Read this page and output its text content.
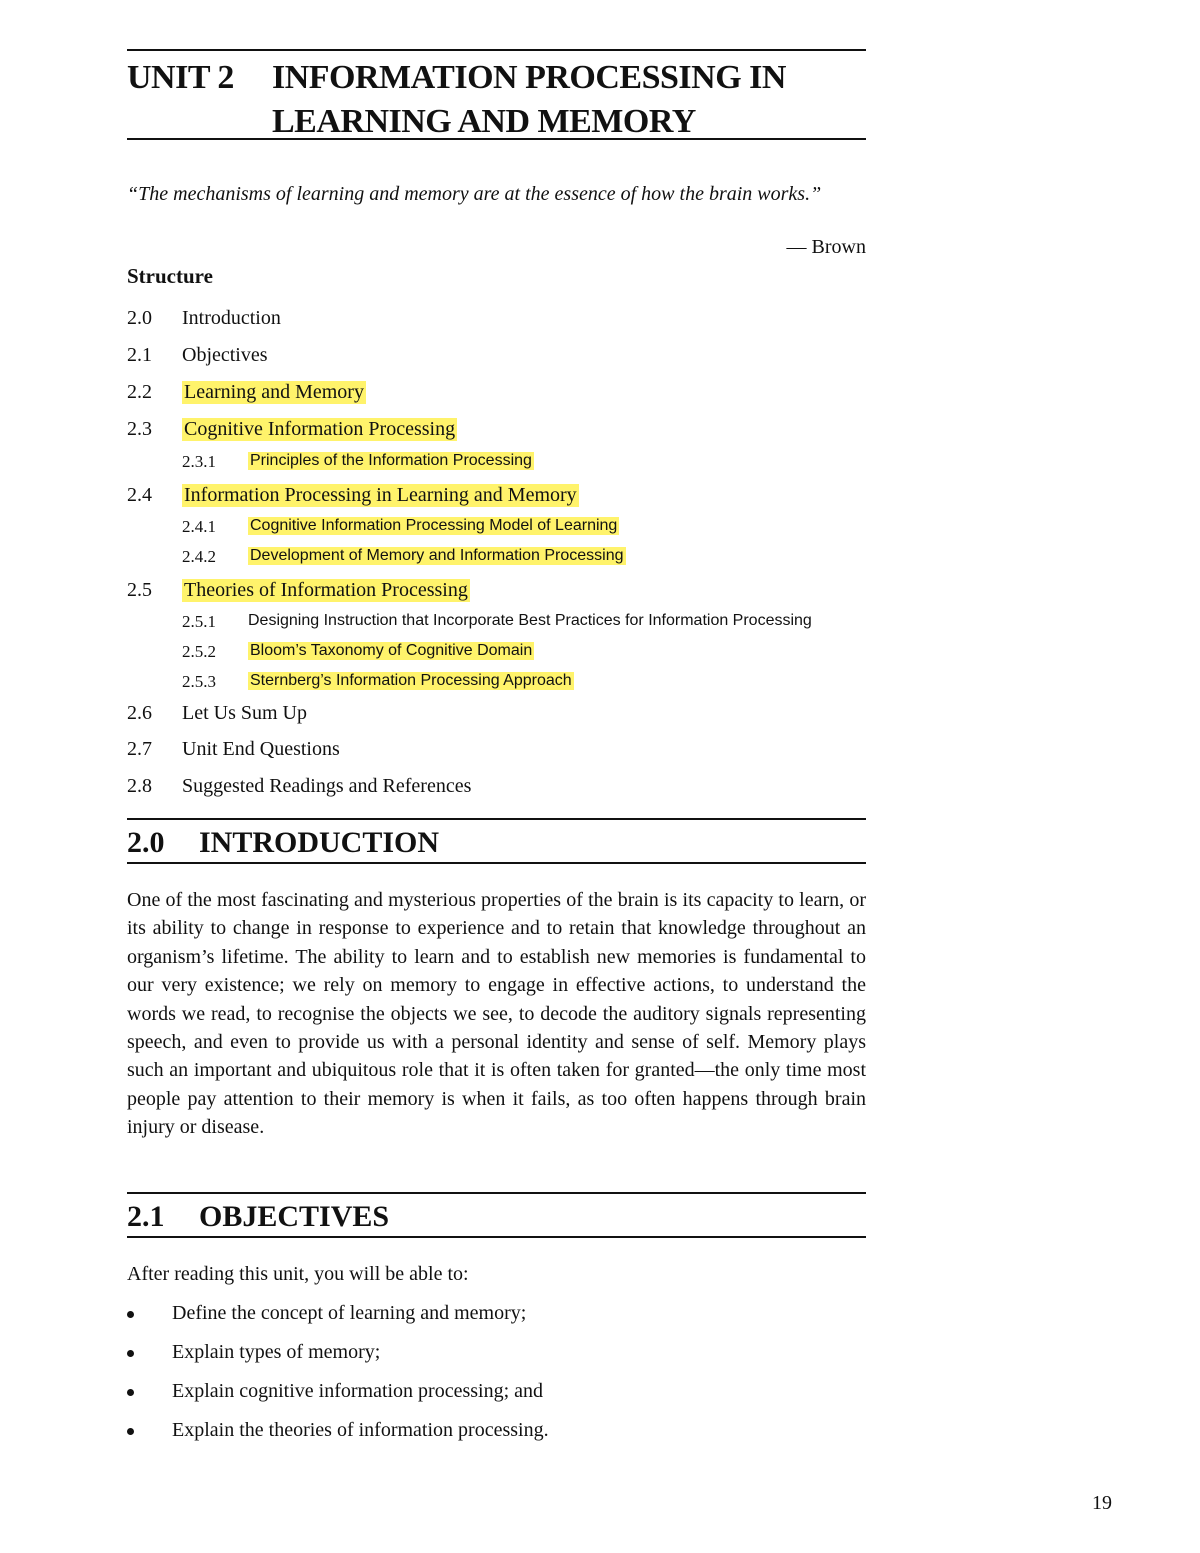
UNIT 2 INFORMATION PROCESSING IN
LEARNING AND MEMORY
“The mechanisms of learning and memory are at the essence of how the brain works.”
— Brown
Structure
2.0 Introduction
2.1 Objectives
2.2 Learning and Memory
2.3 Cognitive Information Processing
2.3.1 Principles of the Information Processing
2.4 Information Processing in Learning and Memory
2.4.1 Cognitive Information Processing Model of Learning
2.4.2 Development of Memory and Information Processing
2.5 Theories of Information Processing
2.5.1 Designing Instruction that Incorporate Best Practices for Information Processing
2.5.2 Bloom’s Taxonomy of Cognitive Domain
2.5.3 Sternberg’s Information Processing Approach
2.6 Let Us Sum Up
2.7 Unit End Questions
2.8 Suggested Readings and References
2.0 INTRODUCTION
One of the most fascinating and mysterious properties of the brain is its capacity to learn, or its ability to change in response to experience and to retain that knowledge throughout an organism’s lifetime. The ability to learn and to establish new memories is fundamental to our very existence; we rely on memory to engage in effective actions, to understand the words we read, to recognise the objects we see, to decode the auditory signals representing speech, and even to provide us with a personal identity and sense of self. Memory plays such an important and ubiquitous role that it is often taken for granted—the only time most people pay attention to their memory is when it fails, as too often happens through brain injury or disease.
2.1 OBJECTIVES
After reading this unit, you will be able to:
Define the concept of learning and memory;
Explain types of memory;
Explain cognitive information processing; and
Explain the theories of information processing.
19
